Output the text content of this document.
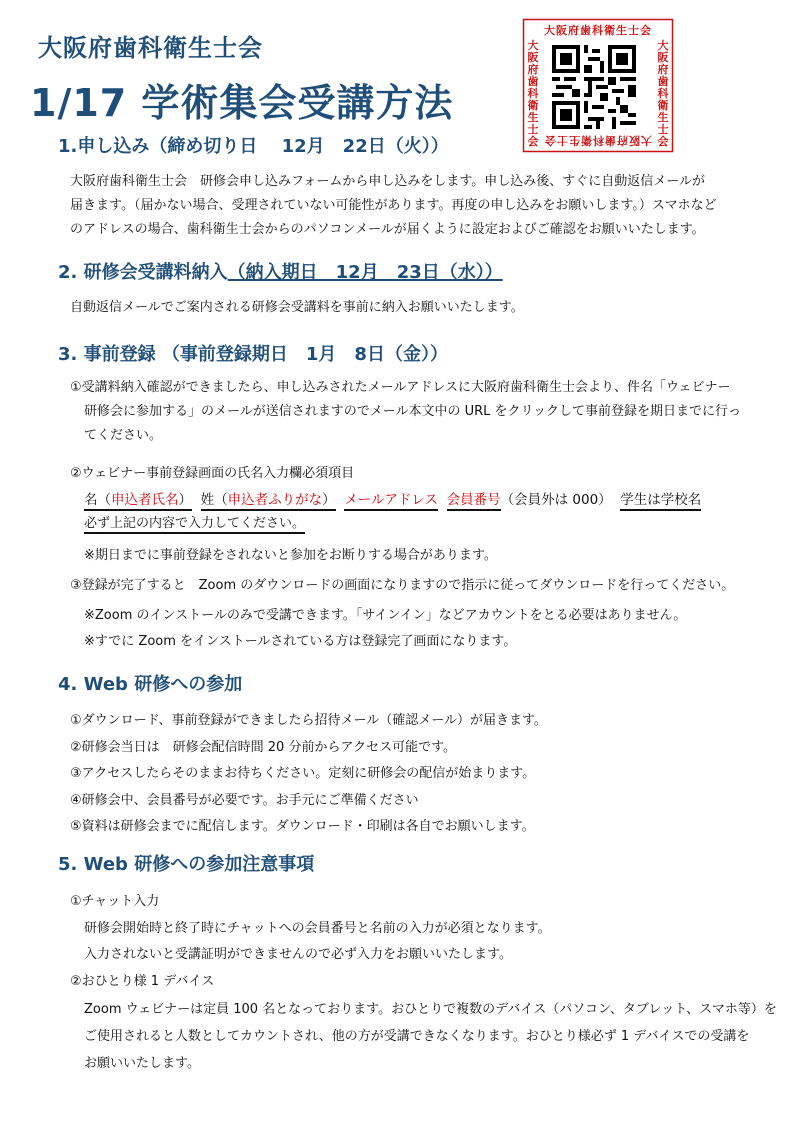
大阪府歯科衛生士会
1/17 学術集会受講方法
大阪府歯科衛生士会
大阪府歯科衛生士会
大阪府歯科衛生士会
大阪府歯科衛生士会
1.申し込み（締め切り日　 12月　22日（火））
大阪府歯科衛生士会　研修会申し込みフォームから申し込みをします。申し込み後、すぐに自動返信メールが
届きます。（届かない場合、受理されていない可能性があります。再度の申し込みをお願いします。）スマホなど
のアドレスの場合、歯科衛生士会からのパソコンメールが届くように設定およびご確認をお願いいたします。
2. 研修会受講料納入（納入期日　12月　23日（水））
自動返信メールでご案内される研修会受講料を事前に納入お願いいたします。
3. 事前登録 （事前登録期日　1月　8日（金））
①受講料納入確認ができましたら、申し込みされたメールアドレスに大阪府歯科衛生士会より、件名「ウェビナー
研修会に参加する」のメールが送信されますのでメール本文中の URL をクリックして事前登録を期日までに行っ
てください。
②ウェビナー事前登録画面の氏名入力欄必須項目
名（申込者氏名） 姓（申込者ふりがな） メールアドレス 会員番号（会員外は 000） 学生は学校名
必ず上記の内容で入力してください。
※期日までに事前登録をされないと参加をお断りする場合があります。
③登録が完了すると　Zoom のダウンロードの画面になりますので指示に従ってダウンロードを行ってください。
※Zoom のインストールのみで受講できます。「サインイン」などアカウントをとる必要はありません。
※すでに Zoom をインストールされている方は登録完了画面になります。
4. Web 研修への参加
①ダウンロード、事前登録ができましたら招待メール（確認メール）が届きます。
②研修会当日は　研修会配信時間 20 分前からアクセス可能です。
③アクセスしたらそのままお待ちください。定刻に研修会の配信が始まります。
④研修会中、会員番号が必要です。お手元にご準備ください
⑤資料は研修会までに配信します。ダウンロード・印刷は各自でお願いします。
5. Web 研修への参加注意事項
①チャット入力
研修会開始時と終了時にチャットへの会員番号と名前の入力が必須となります。
入力されないと受講証明ができませんので必ず入力をお願いいたします。
②おひとり様 1 デバイス
Zoom ウェビナーは定員 100 名となっております。おひとりで複数のデバイス（パソコン、タブレット、スマホ等）を
ご使用されると人数としてカウントされ、他の方が受講できなくなります。おひとり様必ず 1 デバイスでの受講を
お願いいたします。
